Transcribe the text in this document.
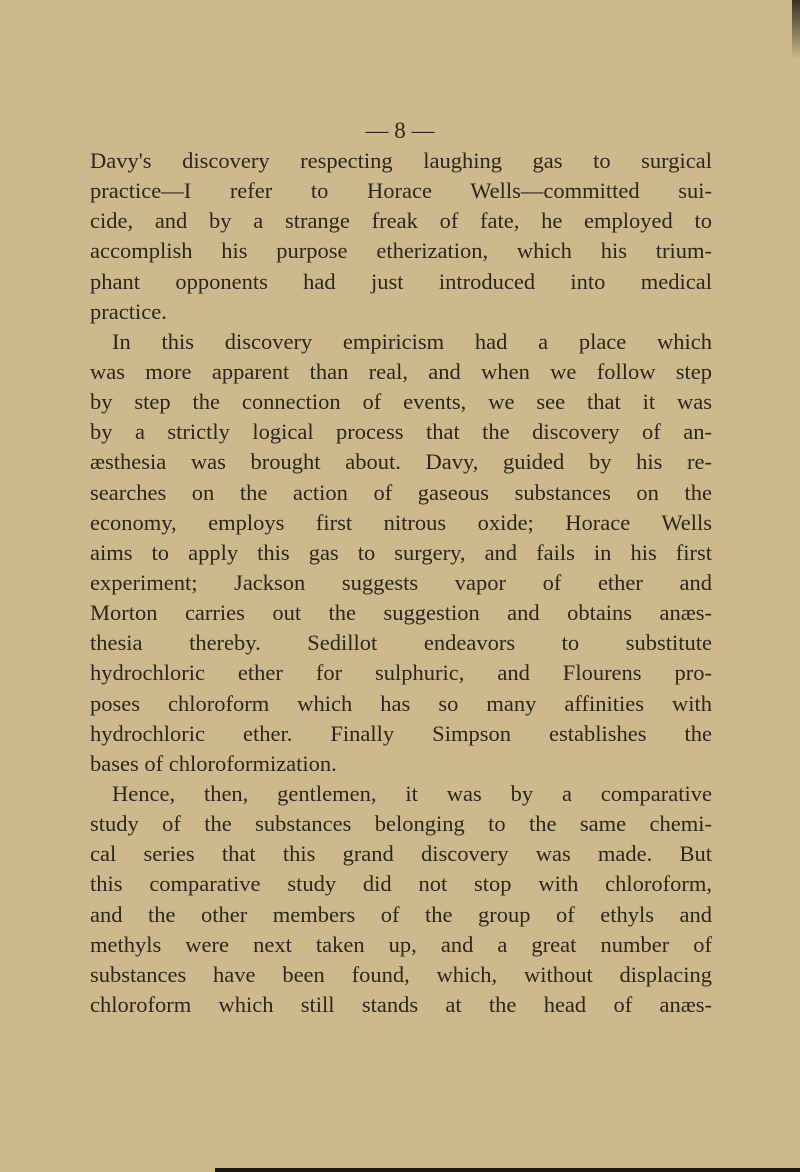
— 8 —
Davy's discovery respecting laughing gas to surgical
practice—I refer to Horace Wells—committed sui-
cide, and by a strange freak of fate, he employed to
accomplish his purpose etherization, which his trium-
phant opponents had just introduced into medical
practice.
In this discovery empiricism had a place which
was more apparent than real, and when we follow step
by step the connection of events, we see that it was
by a strictly logical process that the discovery of an-
æsthesia was brought about. Davy, guided by his re-
searches on the action of gaseous substances on the
economy, employs first nitrous oxide; Horace Wells
aims to apply this gas to surgery, and fails in his first
experiment; Jackson suggests vapor of ether and
Morton carries out the suggestion and obtains anæs-
thesia thereby. Sedillot endeavors to substitute
hydrochloric ether for sulphuric, and Flourens pro-
poses chloroform which has so many affinities with
hydrochloric ether. Finally Simpson establishes the
bases of chloroformization.
Hence, then, gentlemen, it was by a comparative
study of the substances belonging to the same chemi-
cal series that this grand discovery was made. But
this comparative study did not stop with chloroform,
and the other members of the group of ethyls and
methyls were next taken up, and a great number of
substances have been found, which, without displacing
chloroform which still stands at the head of anæs-
